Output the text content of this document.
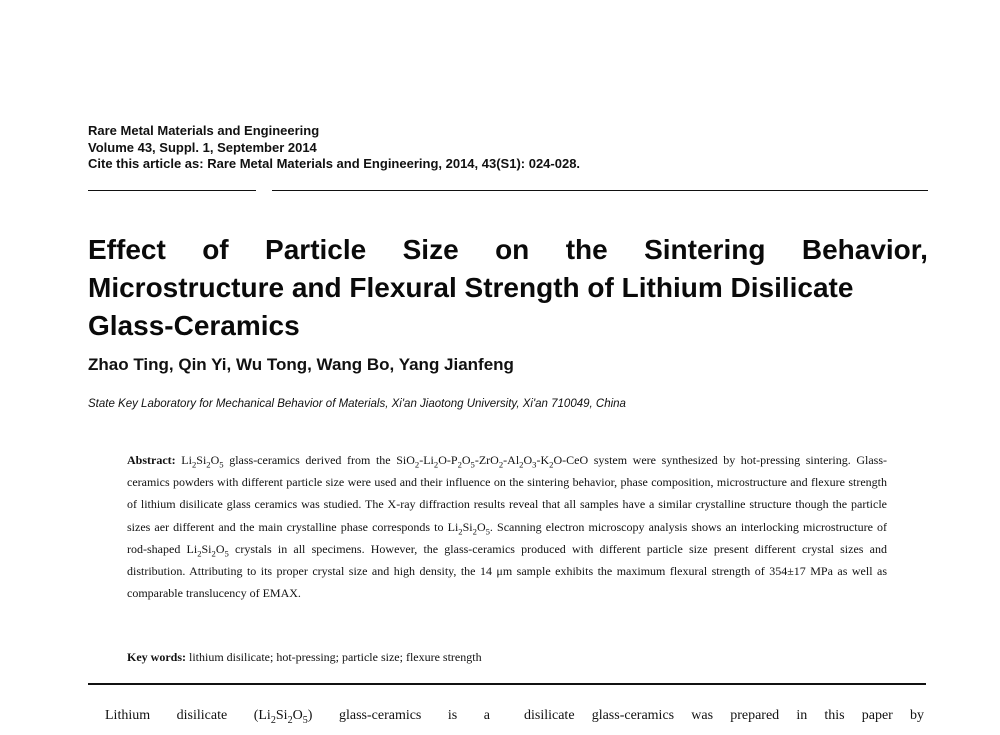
Rare Metal Materials and Engineering
Volume 43, Suppl. 1, September 2014
Cite this article as: Rare Metal Materials and Engineering, 2014, 43(S1): 024-028.
Effect of Particle Size on the Sintering Behavior,
Microstructure and Flexural Strength of Lithium Disilicate
Glass-Ceramics
Zhao Ting, Qin Yi, Wu Tong, Wang Bo, Yang Jianfeng
State Key Laboratory for Mechanical Behavior of Materials, Xi'an Jiaotong University, Xi'an 710049, China
Abstract: $Li_2Si_2O_5$ glass-ceramics derived from the $SiO_2-Li_2O-P_2O_5-ZrO_2-Al_2O_3-K_2O$-CeO system were synthesized by hot-pressing sintering. Glass-ceramics powders with different particle size were used and their influence on the sintering behavior, phase composition, microstructure and flexure strength of lithium disilicate glass ceramics was studied. The X-ray diffraction results reveal that all samples have a similar crystalline structure though the particle sizes aer different and the main crystalline phase corresponds to $Li_2Si_2O_5$. Scanning electron microscopy analysis shows an interlocking microstructure of rod-shaped $Li_2Si_2O_5$ crystals in all specimens. However, the glass-ceramics produced with different particle size present different crystal sizes and distribution. Attributing to its proper crystal size and high density, the 14 μm sample exhibits the maximum flexural strength of 354±17 MPa as well as comparable translucency of EMAX.
Key words: lithium disilicate; hot-pressing; particle size; flexure strength
Lithium disilicate $(Li_2Si_2O_5)$ glass-ceramics is a disilicate glass-ceramics was prepared in this paper by
